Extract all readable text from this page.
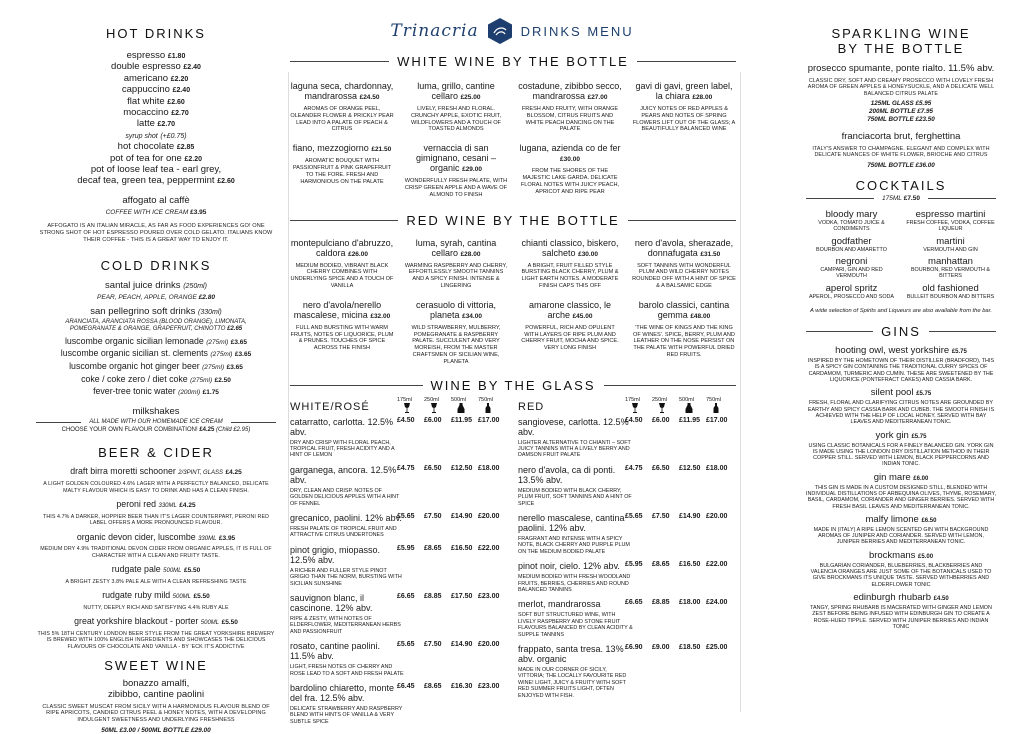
Trinacria	DRINKS MENU
HOT DRINKS
espresso £1.80
double espresso £2.40
americano £2.20
cappuccino £2.40
flat white £2.60
mocaccino £2.70
latte £2.70
syrup shot (+£0.75)
hot chocolate £2.85
pot of tea for one £2.20
pot of loose leaf tea - earl grey,
decaf tea, green tea, peppermint £2.60
affogato al caffè
COFFEE WITH ICE CREAM £3.95
AFFOGATO IS AN ITALIAN MIRACLE, AS FAR AS FOOD EXPERIENCES GO! ONE STRONG SHOT OF HOT ESPRESSO POURED OVER COLD GELATO. ITALIANS KNOW THEIR COFFEE - THIS IS A GREAT WAY TO ENJOY IT.
COLD DRINKS
santal juice drinks (250ml)
PEAR, PEACH, APPLE, ORANGE £2.80
san pellegrino soft drinks (330ml)
ARANCIATA, ARANCIATA ROSSA (BLOOD ORANGE), LIMONATA, POMEGRANATE & ORANGE, GRAPEFRUIT, CHINOTTO £2.65
luscombe organic sicilian lemonade (275ml) £3.65
luscombe organic sicilian st. clements (275ml) £3.65
luscombe organic hot ginger beer (275ml) £3.65
coke / coke zero / diet coke (275ml) £2.50
fever-tree tonic water (200ml) £1.75
milkshakes
ALL MADE WITH OUR HOMEMADE ICE CREAM
CHOOSE YOUR OWN FLAVOUR COMBINATION! £4.25 (Child £2.95)
BEER & CIDER
draft birra moretti schooner 2/3PINT, GLASS £4.25
A LIGHT GOLDEN COLOURED 4.6% LAGER WITH A PERFECTLY BALANCED, DELICATE MALTY FLAVOUR WHICH IS EASY TO DRINK AND HAS A CLEAN FINISH.
peroni red 330ML £4.25
THIS 4.7% A DARKER, HOPPIER BEER THAN IT'S LAGER COUNTERPART, PERONI RED LABEL OFFERS A MORE PRONOUNCED FLAVOUR.
organic devon cider, luscombe 330ML £3.95
MEDIUM DRY 4.9% TRADITIONAL DEVON CIDER FROM ORGANIC APPLES, IT IS FULL OF CHARACTER WITH A CLEAN AND FRUITY TASTE.
rudgate pale 500ML £5.50
A BRIGHT ZESTY 3.8% PALE ALE WITH A CLEAN REFRESHING TASTE
rudgate ruby mild 500ML £5.50
NUTTY, DEEPLY RICH AND SATISFYING 4.4% RUBY ALE
great yorkshire blackout - porter 500ML £5.50
THIS 5% 18TH CENTURY LONDON BEER STYLE FROM THE GREAT YORKSHIRE BREWERY IS BREWED WITH 100% ENGLISH INGREDIENTS AND SHOWCASES THE DELICIOUS FLAVOURS OF CHOCOLATE AND VANILLA - BY 'ECK IT'S ADDICTIVE
SWEET WINE
bonazzo amalfi,
zibibbo, cantine paolini
CLASSIC SWEET MUSCAT FROM SICILY WITH A HARMONIOUS FLAVOUR BLEND OF RIPE APRICOTS, CANDIED CITRUS PEEL & HONEY NOTES, WITH A DEVELOPING INDULGENT SWEETNESS AND UNDERLYING FRESHNESS
50ML £3.00 / 500ML BOTTLE £29.00
WHITE WINE BY THE BOTTLE
laguna seca, chardonnay, mandrarossa £24.50
AROMAS OF ORANGE PEEL, OLEANDER FLOWER & PRICKLY PEAR LEAD INTO A PALATE OF PEACH & CITRUS
luma, grillo, cantine cellaro £25.00
LIVELY, FRESH AND FLORAL. CRUNCHY APPLE, EXOTIC FRUIT, WILDFLOWERS AND A TOUCH OF TOASTED ALMONDS
costadune, zibibbo secco, mandrarossa £27.00
FRESH AND FRUITY, WITH ORANGE BLOSSOM, CITRUS FRUITS AND WHITE PEACH DANCING ON THE PALATE
gavi di gavi, green label, la chiara £28.00
JUICY NOTES OF RED APPLES & PEARS AND NOTES OF SPRING FLOWERS LIFT OUT OF THE GLASS; A BEAUTIFULLY BALANCED WINE
fiano, mezzogiorno £21.50
AROMATIC BOUQUET WITH PASSIONFRUIT & PINK GRAPEFRUIT TO THE FORE. FRESH AND HARMONIOUS ON THE PALATE
vernaccia di san gimignano, cesani – organic £29.00
WONDERFULLY FRESH PALATE, WITH CRISP GREEN APPLE AND A WAVE OF ALMOND TO FINISH
lugana, azienda co de fer £30.00
FROM THE SHORES OF THE MAJESTIC LAKE GARDA. DELICATE FLORAL NOTES WITH JUICY PEACH, APRICOT AND RIPE PEAR
RED WINE BY THE BOTTLE
montepulciano d'abruzzo, caldora £26.00
MEDIUM BODIED, VIBRANT BLACK CHERRY COMBINES WITH UNDERLYING SPICE AND A TOUCH OF VANILLA
luma, syrah, cantina cellaro £28.00
WARMING RASPBERRY AND CHERRY, EFFORTLESSLY SMOOTH TANNINS AND A SPICY FINISH. INTENSE & LINGERING
chianti classico, biskero, salcheto £30.00
A BRIGHT, FRUIT FILLED STYLE BURSTING BLACK CHERRY, PLUM & LIGHT EARTH NOTES. A MODERATE FINISH CAPS THIS OFF
nero d'avola, sherazade, donnafugata £31.50
SOFT TANNINS WITH WONDERFUL PLUM AND WILD CHERRY NOTES ROUNDED OFF WITH A HINT OF SPICE & A BALSAMIC EDGE
nero d'avola/nerello mascalese, micina £32.00
FULL AND BURSTING WITH WARM FRUITS, NOTES OF LIQUORICE, PLUM & PRUNES. TOUCHES OF SPICE ACROSS THE FINISH
cerasuolo di vittoria, planeta £34.00
WILD STRAWBERRY, MULBERRY, POMEGRANATE & RASPBERRY PALATE. SUCCULENT AND VERY MOREISH, FROM THE MASTER CRAFTSMEN OF SICILIAN WINE, PLANETA
amarone classico, le arche £45.00
POWERFUL, RICH AND OPULENT WITH LAYERS OF RIPE PLUM AND CHERRY FRUIT, MOCHA AND SPICE. VERY LONG FINISH
barolo classici, cantina gemma £48.00
'THE WINE OF KINGS AND THE KING OF WINES'. SPICE, BERRY, PLUM AND LEATHER ON THE NOSE PERSIST ON THE PALATE WITH POWERFUL DRIED RED FRUITS.
WINE BY THE GLASS
WHITE/ROSÉ
175ml	250ml	500ml	750ml
catarratto, carlotta. 12.5% abv.
DRY AND CRISP WITH FLORAL PEACH, TROPICAL FRUIT, FRESH ACIDITY AND A HINT OF LEMON
£4.50	£6.00	£11.95 £17.00
garganega, ancora. 12.5% abv.
DRY, CLEAN AND CRISP. NOTES OF GOLDEN DELICIOUS APPLES WITH A HINT OF FENNEL
£4.75	£6.50	£12.50 £18.00
grecanico, paolini. 12% abv.
FRESH PALATE OF TROPICAL FRUIT AND ATTRACTIVE CITRUS UNDERTONES
£5.65	£7.50	£14.90 £20.00
pinot grigio, miopasso. 12.5% abv.
A RICHER AND FULLER STYLE PINOT GRIGIO THAN THE NORM, BURSTING WITH SICILIAN SUNSHINE
£5.95	£8.65	£16.50 £22.00
sauvignon blanc, il cascinone. 12% abv.
RIPE & ZESTY, WITH NOTES OF ELDERFLOWER, MEDITERRANEAN HERBS AND PASSIONFRUIT
£6.65	£8.85	£17.50 £23.00
rosato, cantine paolini. 11.5% abv.
LIGHT, FRESH NOTES OF CHERRY AND ROSE LEAD TO A SOFT AND FRESH PALATE
£5.65	£7.50	£14.90 £20.00
bardolino chiaretto, monte del fra. 12.5% abv.
DELICATE STRAWBERRY AND RASPBERRY BLEND WITH HINTS OF VANILLA & VERY SUBTLE SPICE
£6.45	£8.65	£16.30 £23.00
RED
175ml	250ml	500ml	750ml
sangiovese, carlotta. 12.5% abv.
LIGHTER ALTERNATIVE TO CHIANTI – SOFT JUICY TANNINS WITH A LIVELY BERRY AND DAMSON FRUIT PALATE
£4.50	£6.00	£11.95 £17.00
nero d'avola, ca di ponti. 13.5% abv.
MEDIUM BODIED WITH BLACK CHERRY, PLUM FRUIT, SOFT TANNINS AND A HINT OF SPICE
£4.75	£6.50	£12.50 £18.00
nerello mascalese, cantina paolini. 12% abv.
FRAGRANT AND INTENSE WITH A SPICY NOTE, BLACK CHERRY AND PURPLE PLUM ON THE MEDIUM BODIED PALATE
£5.65	£7.50	£14.90 £20.00
pinot noir, cielo. 12% abv.
MEDIUM BODIED WITH FRESH WOODLAND FRUITS, BERRIES, CHERRIES AND ROUND BALANCED TANNINS
£5.95	£8.65	£16.50 £22.00
merlot, mandrarossa
SOFT BUT STRUCTURED WINE, WITH LIVELY RASPBERRY AND STONE FRUIT FLAVOURS BALANCED BY CLEAN ACIDITY & SUPPLE TANNINS
£6.65	£8.85	£18.00 £24.00
frappato, santa tresa. 13% abv. organic
MADE IN OUR CORNER OF SICILY, VITTORIA; THE LOCALLY FAVOURITE RED WINE! LIGHT, JUICY & FRUITY WITH SOFT RED SUMMER FRUITS LIGHT, OFTEN ENJOYED WITH FISH.
£6.90	£9.00	£18.50 £25.00
SPARKLING WINE
BY THE BOTTLE
prosecco spumante, ponte rialto. 11.5% abv.
CLASSIC DRY, SOFT AND CREAMY PROSECCO WITH LOVELY FRESH AROMA OF GREEN APPLES & HONEYSUCKLE, AND A DELICATE WELL BALANCED CITRUS PALATE
125ML GLASS £5.95
200ML BOTTLE £7.95
750ML BOTTLE £23.50
franciacorta brut, ferghettina
ITALY'S ANSWER TO CHAMPAGNE. ELEGANT AND COMPLEX WITH DELICATE NUANCES OF WHITE FLOWER, BRIOCHE AND CITRUS
750ML BOTTLE £36.00
COCKTAILS
175ML £7.50
bloody mary
VODKA, TOMATO JUICE & CONDIMENTS
espresso martini
FRESH COFFEE, VODKA, COFFEE LIQUEUR
godfather
BOURBON AND AMARETTO
martini
VERMOUTH AND GIN
negroni
CAMPARI, GIN AND RED VERMOUTH
manhattan
BOURBON, RED VERMOUTH & BITTERS
aperol spritz
APEROL, PROSECCO AND SODA
old fashioned
BULLEIT BOURBON AND BITTERS
A wide selection of Spirits and Liqueurs are also available from the bar.
GINS
hooting owl, west yorkshire £5.75
INSPIRED BY THE HOMETOWN OF THEIR DISTILLER (BRADFORD), THIS IS A SPICY GIN CONTAINING THE TRADITIONAL CURRY SPICES OF CARDAMOM, TURMERIC AND CUMIN. THESE ARE SWEETENED BY THE LIQUORICE (PONTEFRACT CAKES) AND CASSIA BARK.
silent pool £5.75
FRESH, FLORAL AND CLARIFYING CITRUS NOTES ARE GROUNDED BY EARTHY AND SPICY CASSIA BARK AND CUBEB. THE SMOOTH FINISH IS ACHIEVED WITH THE HELP OF LOCAL HONEY. SERVED WITH BAY LEAVES AND MEDITERRANEAN TONIC.
york gin £5.75
USING CLASSIC BOTANICALS FOR A FINELY BALANCED GIN. YORK GIN IS MADE USING THE LONDON DRY DISTILLATION METHOD IN THEIR COPPER STILL. SERVED WITH LEMON, BLACK PEPPERCORNS AND INDIAN TONIC.
gin mare £6.00
THIS GIN IS MADE IN A CUSTOM DESIGNED STILL, BLENDED WITH INDIVIDUAL DISTILLATIONS OF ARBEQUINA OLIVES, THYME, ROSEMARY, BASIL, CARDAMOM, CORIANDER AND GINGER BERRIES. SERVED WITH FRESH BASIL LEAVES AND MEDITERRANEAN TONIC.
malfy limone £6.50
MADE IN (ITALY) A RIPE LEMON SCENTED GIN WITH BACKGROUND AROMAS OF JUNIPER AND CORIANDER. SERVED WITH LEMON, JUNIPER BERRIES AND MEDITERRANEAN TONIC.
brockmans £5.00
BULGARIAN CORIANDER, BLUEBERRIES, BLACKBERRIES AND VALENCIA ORANGES ARE JUST SOME OF THE BOTANICALS USED TO GIVE BROCKMANS ITS UNIQUE TASTE. SERVED WITHBERRIES AND ELDERFLOWER TONIC
edinburgh rhubarb £4.50
TANGY, SPRING RHUBARB IS MACERATED WITH GINGER AND LEMON ZEST BEFORE BEING INFUSED WITH EDINBURGH GIN TO CREATE A ROSE-HUED TIPPLE. SERVED WITH JUNIPER BERRIES AND INDIAN TONIC
